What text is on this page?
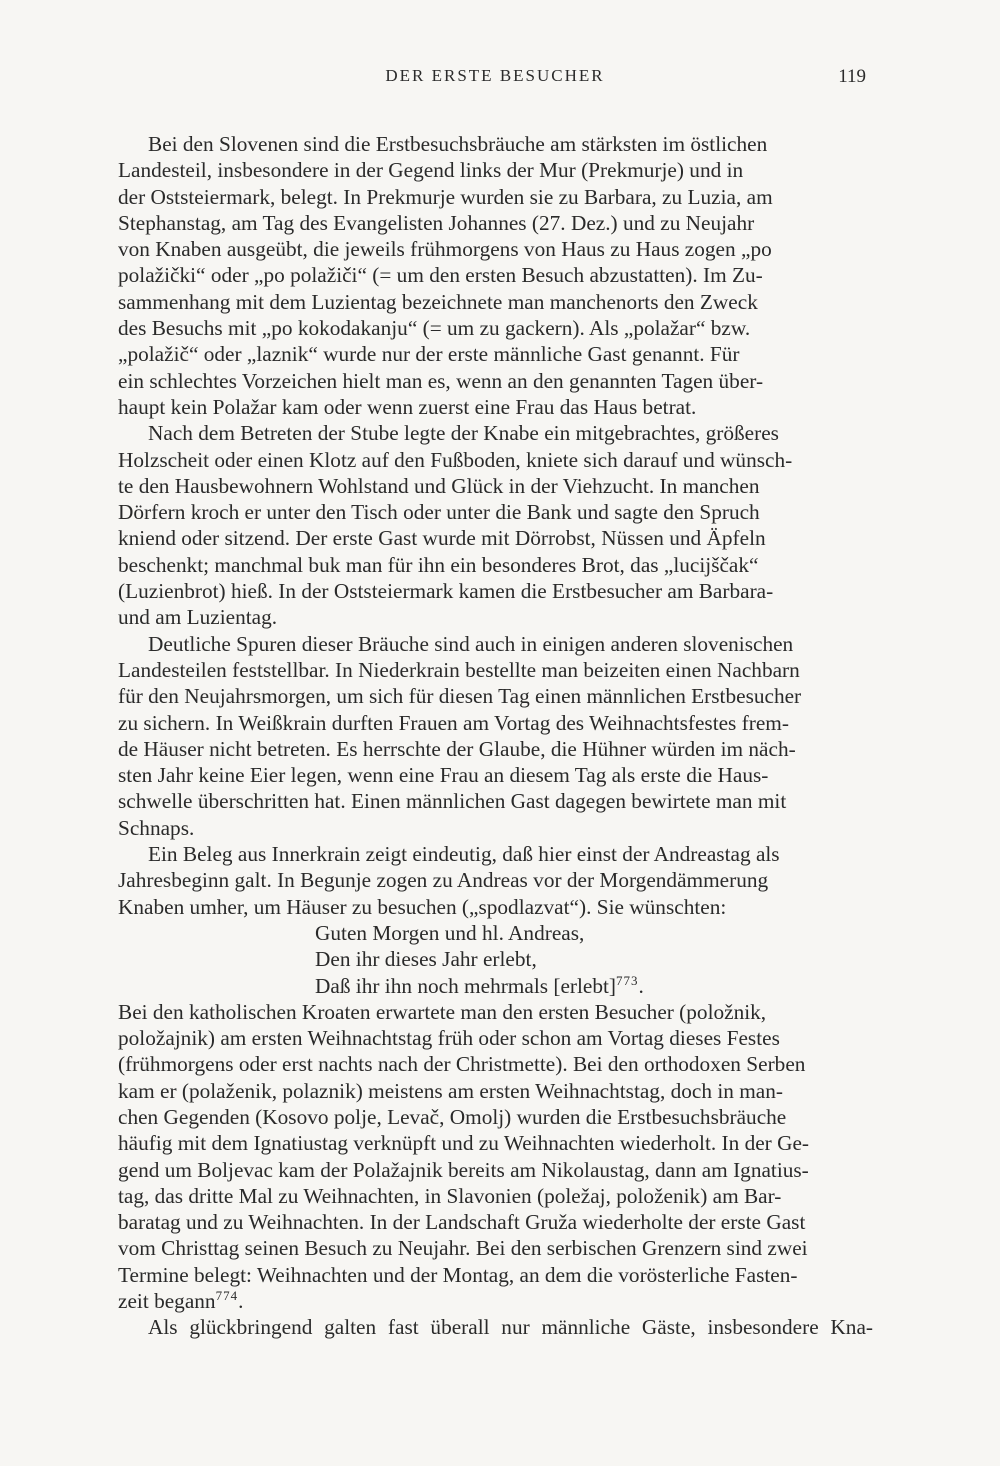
DER ERSTE BESUCHER	119

Bei den Slovenen sind die Erstbesuchsbräuche am stärksten im östlichen
Landesteil, insbesondere in der Gegend links der Mur (Prekmurje) und in
der Oststeiermark, belegt. In Prekmurje wurden sie zu Barbara, zu Luzia, am
Stephanstag, am Tag des Evangelisten Johannes (27. Dez.) und zu Neujahr
von Knaben ausgeübt, die jeweils frühmorgens von Haus zu Haus zogen „po
polažički“ oder „po polažiči“ (= um den ersten Besuch abzustatten). Im Zu-
sammenhang mit dem Luzientag bezeichnete man manchenorts den Zweck
des Besuchs mit „po kokodakanju“ (= um zu gackern). Als „polažar“ bzw.
„polažič“ oder „laznik“ wurde nur der erste männliche Gast genannt. Für
ein schlechtes Vorzeichen hielt man es, wenn an den genannten Tagen über-
haupt kein Polažar kam oder wenn zuerst eine Frau das Haus betrat.

Nach dem Betreten der Stube legte der Knabe ein mitgebrachtes, größeres
Holzscheit oder einen Klotz auf den Fußboden, kniete sich darauf und wünsch-
te den Hausbewohnern Wohlstand und Glück in der Viehzucht. In manchen
Dörfern kroch er unter den Tisch oder unter die Bank und sagte den Spruch
kniend oder sitzend. Der erste Gast wurde mit Dörrobst, Nüssen und Äpfeln
beschenkt; manchmal buk man für ihn ein besonderes Brot, das „lucijščak“
(Luzienbrot) hieß. In der Oststeiermark kamen die Erstbesucher am Barbara-
und am Luzientag.

Deutliche Spuren dieser Bräuche sind auch in einigen anderen slovenischen
Landesteilen feststellbar. In Niederkrain bestellte man beizeiten einen Nachbarn
für den Neujahrsmorgen, um sich für diesen Tag einen männlichen Erstbesucher
zu sichern. In Weißkrain durften Frauen am Vortag des Weihnachtsfestes frem-
de Häuser nicht betreten. Es herrschte der Glaube, die Hühner würden im näch-
sten Jahr keine Eier legen, wenn eine Frau an diesem Tag als erste die Haus-
schwelle überschritten hat. Einen männlichen Gast dagegen bewirtete man mit
Schnaps.

Ein Beleg aus Innerkrain zeigt eindeutig, daß hier einst der Andreastag als
Jahresbeginn galt. In Begunje zogen zu Andreas vor der Morgendämmerung
Knaben umher, um Häuser zu besuchen („spodlazvat“). Sie wünschten:

Guten Morgen und hl. Andreas,
Den ihr dieses Jahr erlebt,
Daß ihr ihn noch mehrmals [erlebt]$^{773}$.

Bei den katholischen Kroaten erwartete man den ersten Besucher (položnik,
položajnik) am ersten Weihnachtstag früh oder schon am Vortag dieses Festes
(frühmorgens oder erst nachts nach der Christmette). Bei den orthodoxen Serben
kam er (polaženik, polaznik) meistens am ersten Weihnachtstag, doch in man-
chen Gegenden (Kosovo polje, Levač, Omolj) wurden die Erstbesuchsbräuche
häufig mit dem Ignatiustag verknüpft und zu Weihnachten wiederholt. In der Ge-
gend um Boljevac kam der Polažajnik bereits am Nikolaustag, dann am Ignatius-
tag, das dritte Mal zu Weihnachten, in Slavonien (poležaj, položenik) am Bar-
baratag und zu Weihnachten. In der Landschaft Gruža wiederholte der erste Gast
vom Christtag seinen Besuch zu Neujahr. Bei den serbischen Grenzern sind zwei
Termine belegt: Weihnachten und der Montag, an dem die vorösterliche Fasten-
zeit begann$^{774}$.

Als glückbringend galten fast überall nur männliche Gäste, insbesondere Kna-
